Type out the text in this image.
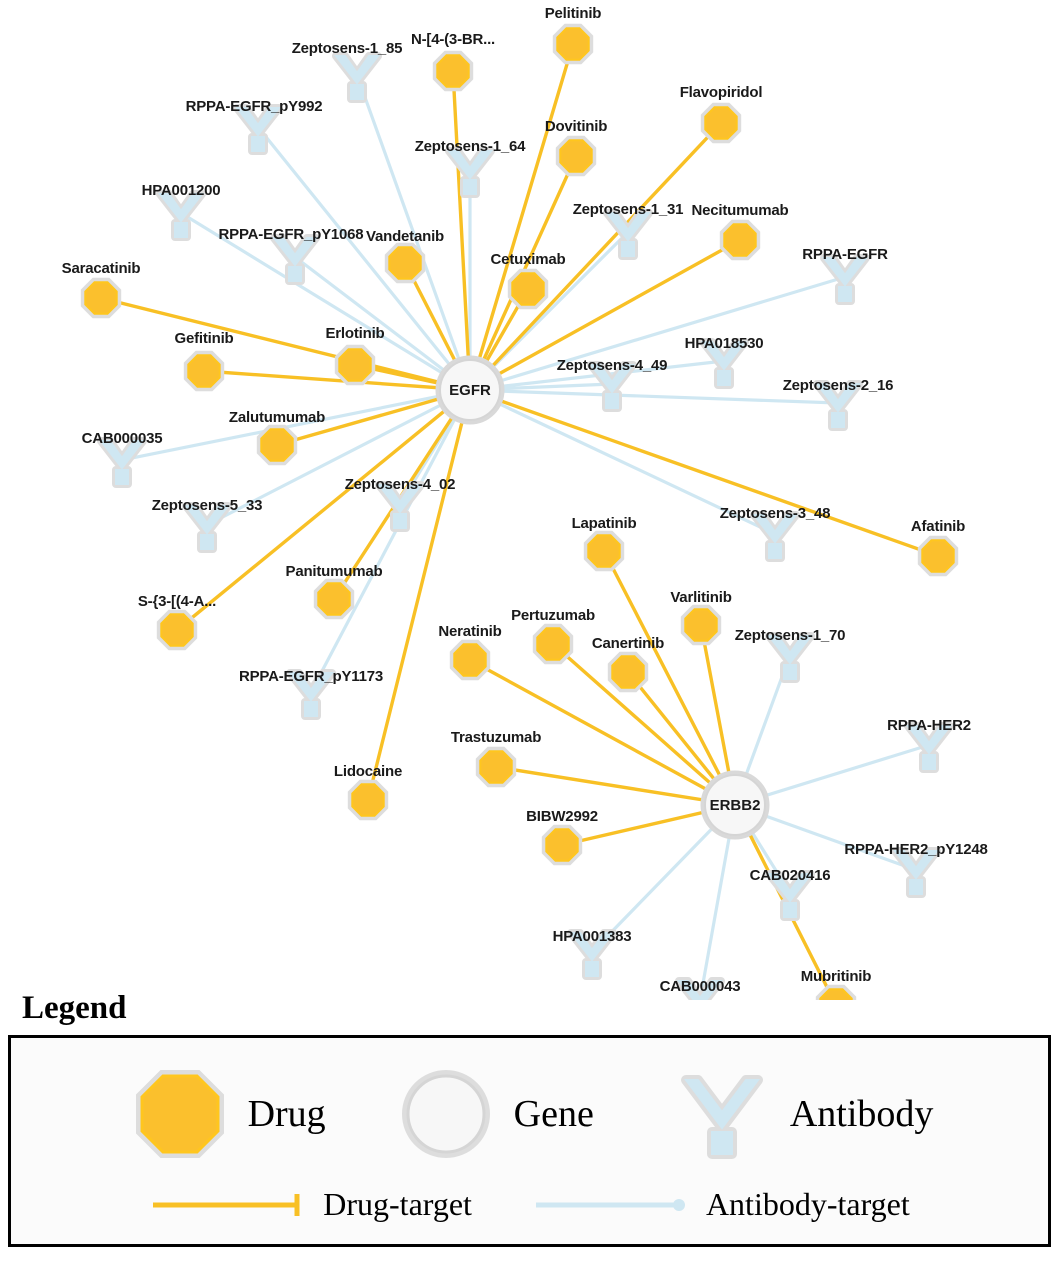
EGFR
ERBB2
Zeptosens-1_85
RPPA-EGFR_pY992
Zeptosens-1_64
HPA001200
Zeptosens-1_31
RPPA-EGFR_pY1068
RPPA-EGFR
HPA018530
Zeptosens-4_49
Zeptosens-2_16
CAB000035
Zeptosens-4_02
Zeptosens-5_33	Zeptosens-3_48
Zeptosens-1_70
RPPA-EGFR_pY1173
RPPA-HER2
RPPA-HER2_pY1248
CAB020416
HPA001383
CAB000043
Pelitinib
N-[4-(3-BR...
Flavopiridol
Dovitinib
Necitumumab
Vandetanib
Cetuximab
Saracatinib
Erlotinib
Gefitinib
Zalutumumab
Afatinib
Lapatinib
Varlitinib
Panitumumab
S-{3-[(4-A...
Pertuzumab
Neratinib
Canertinib
Trastuzumab
Lidocaine
BIBW2992
Mubritinib
Legend
Drug	Gene	Antibody
Drug-target	Antibody-target
